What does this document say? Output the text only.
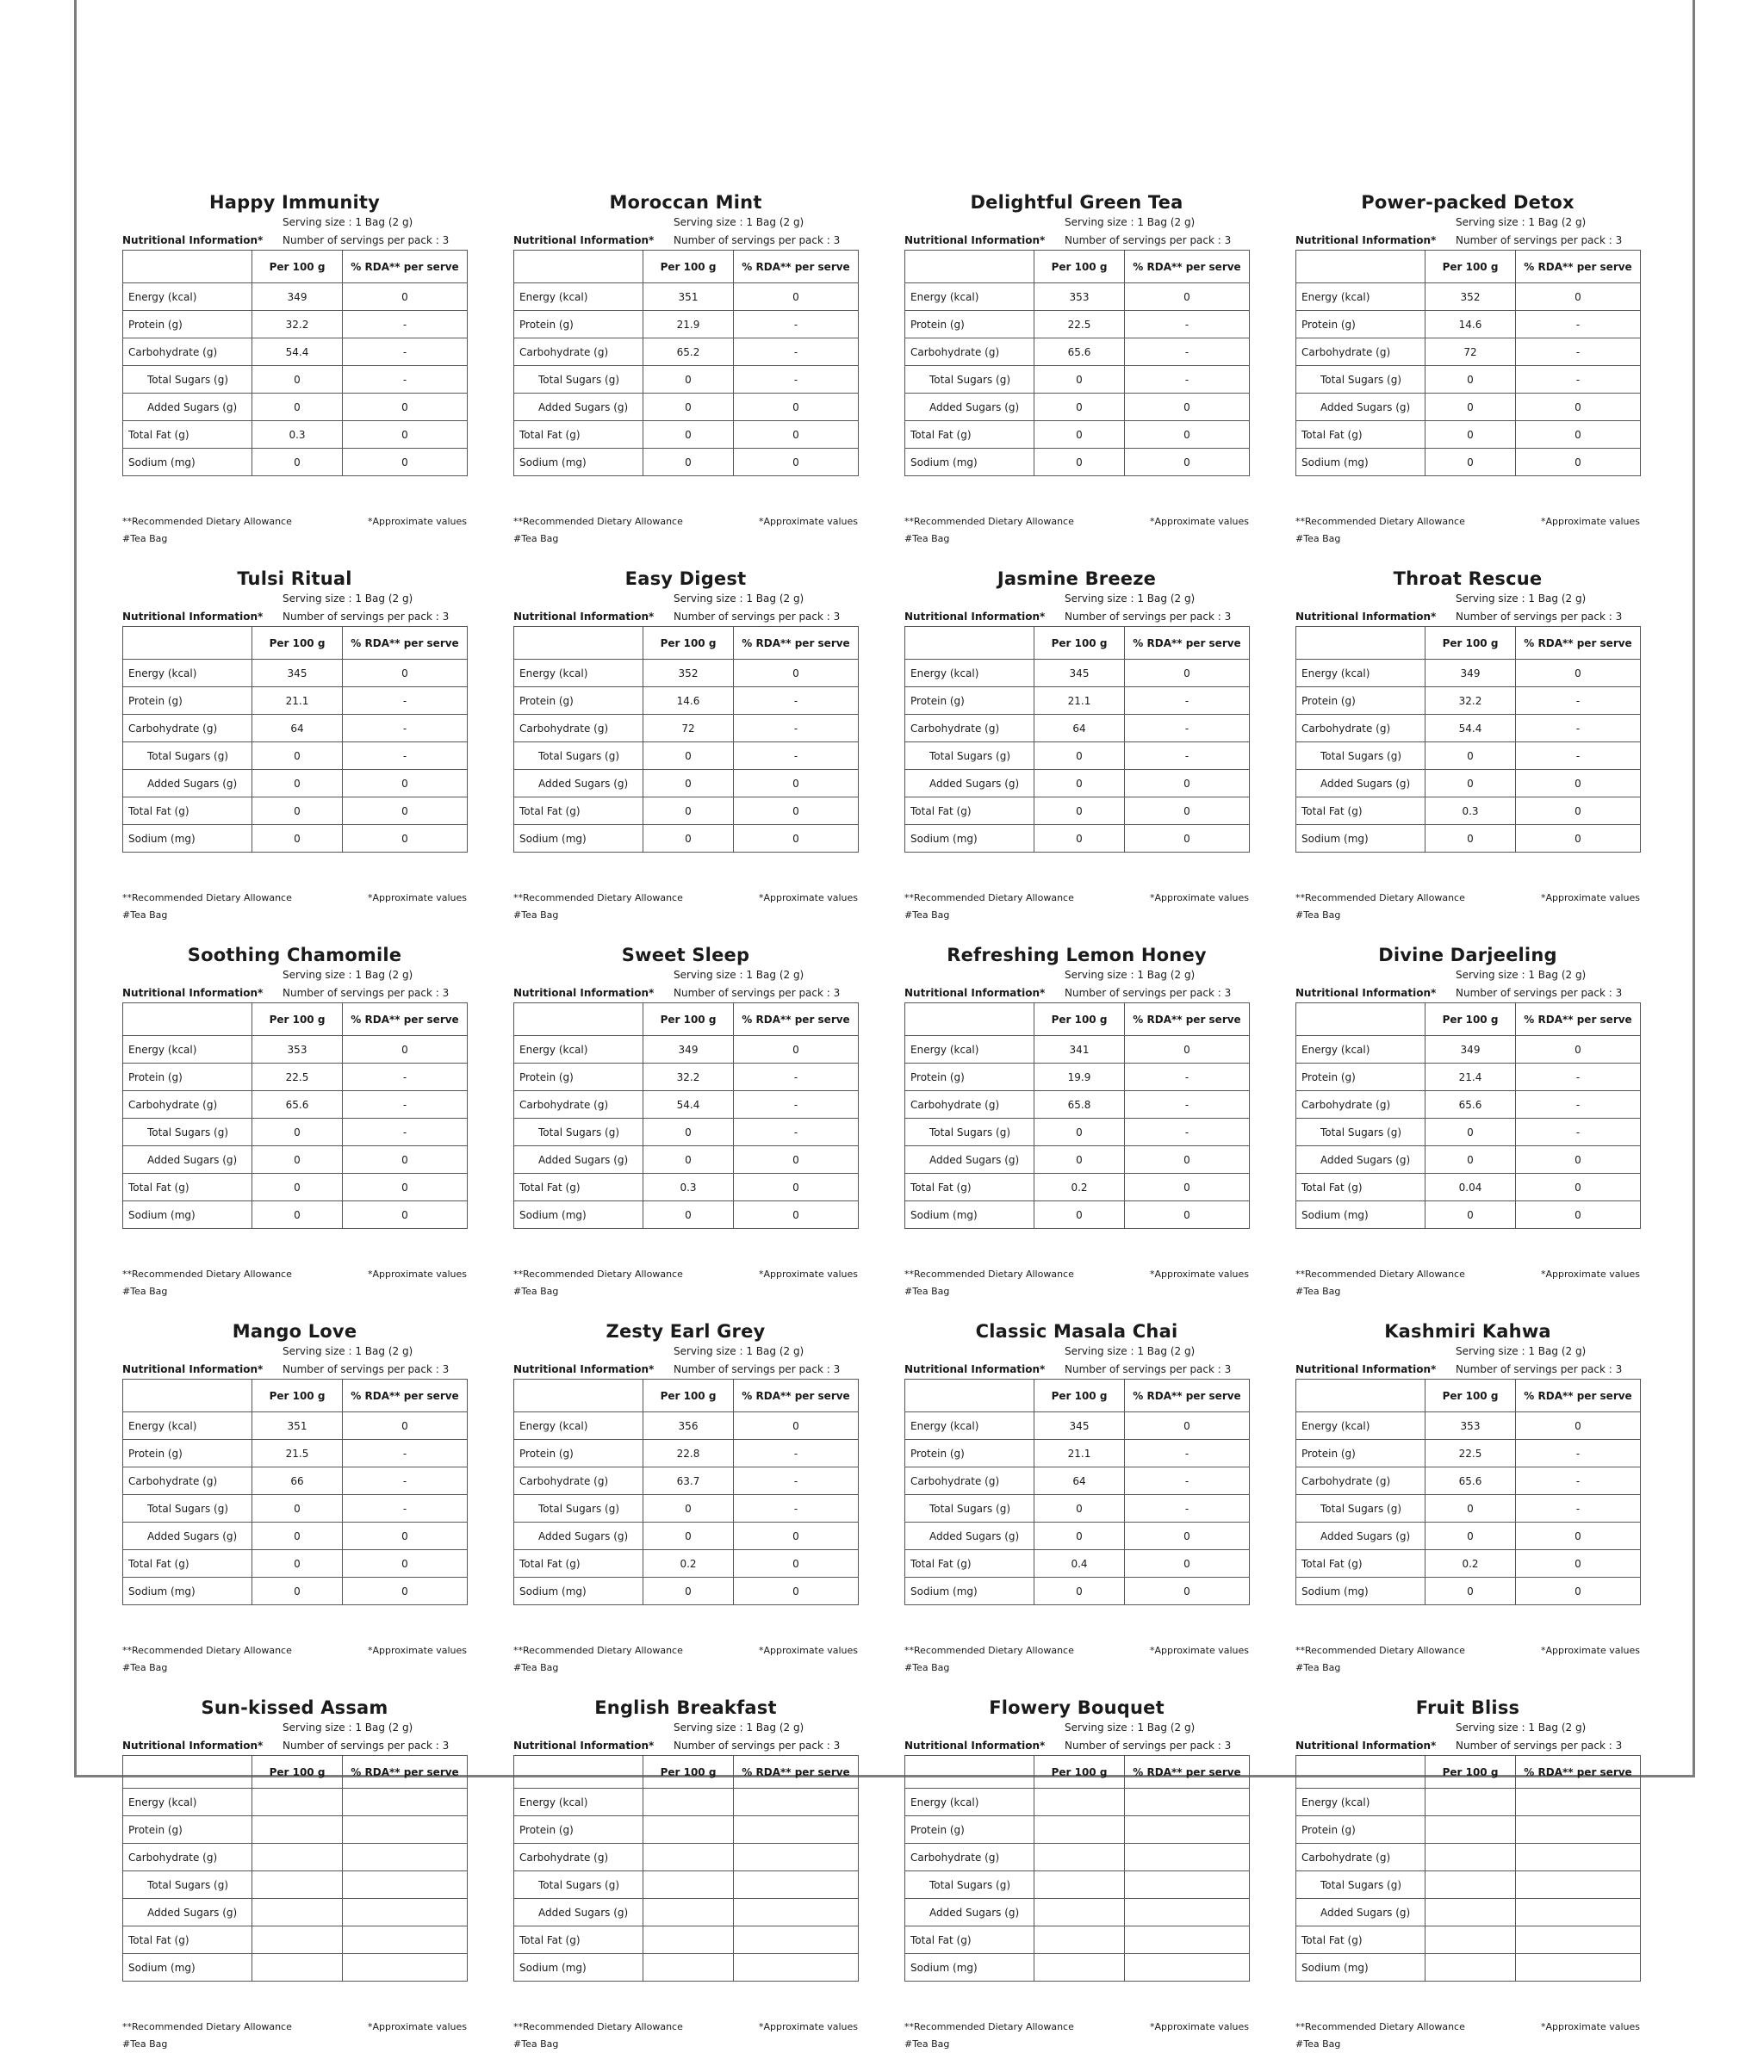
Happy Immunity
Serving size : 1 Bag (2 g)
Nutritional Information* Number of servings per pack : 3
	Per 100 g	% RDA** per serve
Energy (kcal)	349	0
Protein (g)	32.2	-
Carbohydrate (g)	54.4	-
Total Sugars (g)	0	-
Added Sugars (g)	0	0
Total Fat (g)	0.3	0
Sodium (mg)	0	0
**Recommended Dietary Allowance	*Approximate values
#Tea Bag
Moroccan Mint
Serving size : 1 Bag (2 g)
Nutritional Information* Number of servings per pack : 3
	Per 100 g	% RDA** per serve
Energy (kcal)	351	0
Protein (g)	21.9	-
Carbohydrate (g)	65.2	-
Total Sugars (g)	0	-
Added Sugars (g)	0	0
Total Fat (g)	0	0
Sodium (mg)	0	0
**Recommended Dietary Allowance	*Approximate values
#Tea Bag
Delightful Green Tea
Serving size : 1 Bag (2 g)
Nutritional Information* Number of servings per pack : 3
	Per 100 g	% RDA** per serve
Energy (kcal)	353	0
Protein (g)	22.5	-
Carbohydrate (g)	65.6	-
Total Sugars (g)	0	-
Added Sugars (g)	0	0
Total Fat (g)	0	0
Sodium (mg)	0	0
**Recommended Dietary Allowance	*Approximate values
#Tea Bag
Power-packed Detox
Serving size : 1 Bag (2 g)
Nutritional Information* Number of servings per pack : 3
	Per 100 g	% RDA** per serve
Energy (kcal)	352	0
Protein (g)	14.6	-
Carbohydrate (g)	72	-
Total Sugars (g)	0	-
Added Sugars (g)	0	0
Total Fat (g)	0	0
Sodium (mg)	0	0
**Recommended Dietary Allowance	*Approximate values
#Tea Bag
Tulsi Ritual
Serving size : 1 Bag (2 g)
Nutritional Information* Number of servings per pack : 3
	Per 100 g	% RDA** per serve
Energy (kcal)	345	0
Protein (g)	21.1	-
Carbohydrate (g)	64	-
Total Sugars (g)	0	-
Added Sugars (g)	0	0
Total Fat (g)	0	0
Sodium (mg)	0	0
**Recommended Dietary Allowance	*Approximate values
#Tea Bag
Easy Digest
Serving size : 1 Bag (2 g)
Nutritional Information* Number of servings per pack : 3
	Per 100 g	% RDA** per serve
Energy (kcal)	352	0
Protein (g)	14.6	-
Carbohydrate (g)	72	-
Total Sugars (g)	0	-
Added Sugars (g)	0	0
Total Fat (g)	0	0
Sodium (mg)	0	0
**Recommended Dietary Allowance	*Approximate values
#Tea Bag
Jasmine Breeze
Serving size : 1 Bag (2 g)
Nutritional Information* Number of servings per pack : 3
	Per 100 g	% RDA** per serve
Energy (kcal)	345	0
Protein (g)	21.1	-
Carbohydrate (g)	64	-
Total Sugars (g)	0	-
Added Sugars (g)	0	0
Total Fat (g)	0	0
Sodium (mg)	0	0
**Recommended Dietary Allowance	*Approximate values
#Tea Bag
Throat Rescue
Serving size : 1 Bag (2 g)
Nutritional Information* Number of servings per pack : 3
	Per 100 g	% RDA** per serve
Energy (kcal)	349	0
Protein (g)	32.2	-
Carbohydrate (g)	54.4	-
Total Sugars (g)	0	-
Added Sugars (g)	0	0
Total Fat (g)	0.3	0
Sodium (mg)	0	0
**Recommended Dietary Allowance	*Approximate values
#Tea Bag
Soothing Chamomile
Serving size : 1 Bag (2 g)
Nutritional Information* Number of servings per pack : 3
	Per 100 g	% RDA** per serve
Energy (kcal)	353	0
Protein (g)	22.5	-
Carbohydrate (g)	65.6	-
Total Sugars (g)	0	-
Added Sugars (g)	0	0
Total Fat (g)	0	0
Sodium (mg)	0	0
**Recommended Dietary Allowance	*Approximate values
#Tea Bag
Sweet Sleep
Serving size : 1 Bag (2 g)
Nutritional Information* Number of servings per pack : 3
	Per 100 g	% RDA** per serve
Energy (kcal)	349	0
Protein (g)	32.2	-
Carbohydrate (g)	54.4	-
Total Sugars (g)	0	-
Added Sugars (g)	0	0
Total Fat (g)	0.3	0
Sodium (mg)	0	0
**Recommended Dietary Allowance	*Approximate values
#Tea Bag
Refreshing Lemon Honey
Serving size : 1 Bag (2 g)
Nutritional Information* Number of servings per pack : 3
	Per 100 g	% RDA** per serve
Energy (kcal)	341	0
Protein (g)	19.9	-
Carbohydrate (g)	65.8	-
Total Sugars (g)	0	-
Added Sugars (g)	0	0
Total Fat (g)	0.2	0
Sodium (mg)	0	0
**Recommended Dietary Allowance	*Approximate values
#Tea Bag
Divine Darjeeling
Serving size : 1 Bag (2 g)
Nutritional Information* Number of servings per pack : 3
	Per 100 g	% RDA** per serve
Energy (kcal)	349	0
Protein (g)	21.4	-
Carbohydrate (g)	65.6	-
Total Sugars (g)	0	-
Added Sugars (g)	0	0
Total Fat (g)	0.04	0
Sodium (mg)	0	0
**Recommended Dietary Allowance	*Approximate values
#Tea Bag
Mango Love
Serving size : 1 Bag (2 g)
Nutritional Information* Number of servings per pack : 3
	Per 100 g	% RDA** per serve
Energy (kcal)	351	0
Protein (g)	21.5	-
Carbohydrate (g)	66	-
Total Sugars (g)	0	-
Added Sugars (g)	0	0
Total Fat (g)	0	0
Sodium (mg)	0	0
**Recommended Dietary Allowance	*Approximate values
#Tea Bag
Zesty Earl Grey
Serving size : 1 Bag (2 g)
Nutritional Information* Number of servings per pack : 3
	Per 100 g	% RDA** per serve
Energy (kcal)	356	0
Protein (g)	22.8	-
Carbohydrate (g)	63.7	-
Total Sugars (g)	0	-
Added Sugars (g)	0	0
Total Fat (g)	0.2	0
Sodium (mg)	0	0
**Recommended Dietary Allowance	*Approximate values
#Tea Bag
Classic Masala Chai
Serving size : 1 Bag (2 g)
Nutritional Information* Number of servings per pack : 3
	Per 100 g	% RDA** per serve
Energy (kcal)	345	0
Protein (g)	21.1	-
Carbohydrate (g)	64	-
Total Sugars (g)	0	-
Added Sugars (g)	0	0
Total Fat (g)	0.4	0
Sodium (mg)	0	0
**Recommended Dietary Allowance	*Approximate values
#Tea Bag
Kashmiri Kahwa
Serving size : 1 Bag (2 g)
Nutritional Information* Number of servings per pack : 3
	Per 100 g	% RDA** per serve
Energy (kcal)	353	0
Protein (g)	22.5	-
Carbohydrate (g)	65.6	-
Total Sugars (g)	0	-
Added Sugars (g)	0	0
Total Fat (g)	0.2	0
Sodium (mg)	0	0
**Recommended Dietary Allowance	*Approximate values
#Tea Bag
Sun-kissed Assam
Serving size : 1 Bag (2 g)
Nutritional Information* Number of servings per pack : 3
	Per 100 g	% RDA** per serve
Energy (kcal)		
Protein (g)		
Carbohydrate (g)		
Total Sugars (g)		
Added Sugars (g)		
Total Fat (g)		
Sodium (mg)		
**Recommended Dietary Allowance	*Approximate values
#Tea Bag
English Breakfast
Serving size : 1 Bag (2 g)
Nutritional Information* Number of servings per pack : 3
	Per 100 g	% RDA** per serve
Energy (kcal)		
Protein (g)		
Carbohydrate (g)		
Total Sugars (g)		
Added Sugars (g)		
Total Fat (g)		
Sodium (mg)		
**Recommended Dietary Allowance	*Approximate values
#Tea Bag
Flowery Bouquet
Serving size : 1 Bag (2 g)
Nutritional Information* Number of servings per pack : 3
	Per 100 g	% RDA** per serve
Energy (kcal)		
Protein (g)		
Carbohydrate (g)		
Total Sugars (g)		
Added Sugars (g)		
Total Fat (g)		
Sodium (mg)		
**Recommended Dietary Allowance	*Approximate values
#Tea Bag
Fruit Bliss
Serving size : 1 Bag (2 g)
Nutritional Information* Number of servings per pack : 3
	Per 100 g	% RDA** per serve
Energy (kcal)		
Protein (g)		
Carbohydrate (g)		
Total Sugars (g)		
Added Sugars (g)		
Total Fat (g)		
Sodium (mg)		
**Recommended Dietary Allowance	*Approximate values
#Tea Bag
